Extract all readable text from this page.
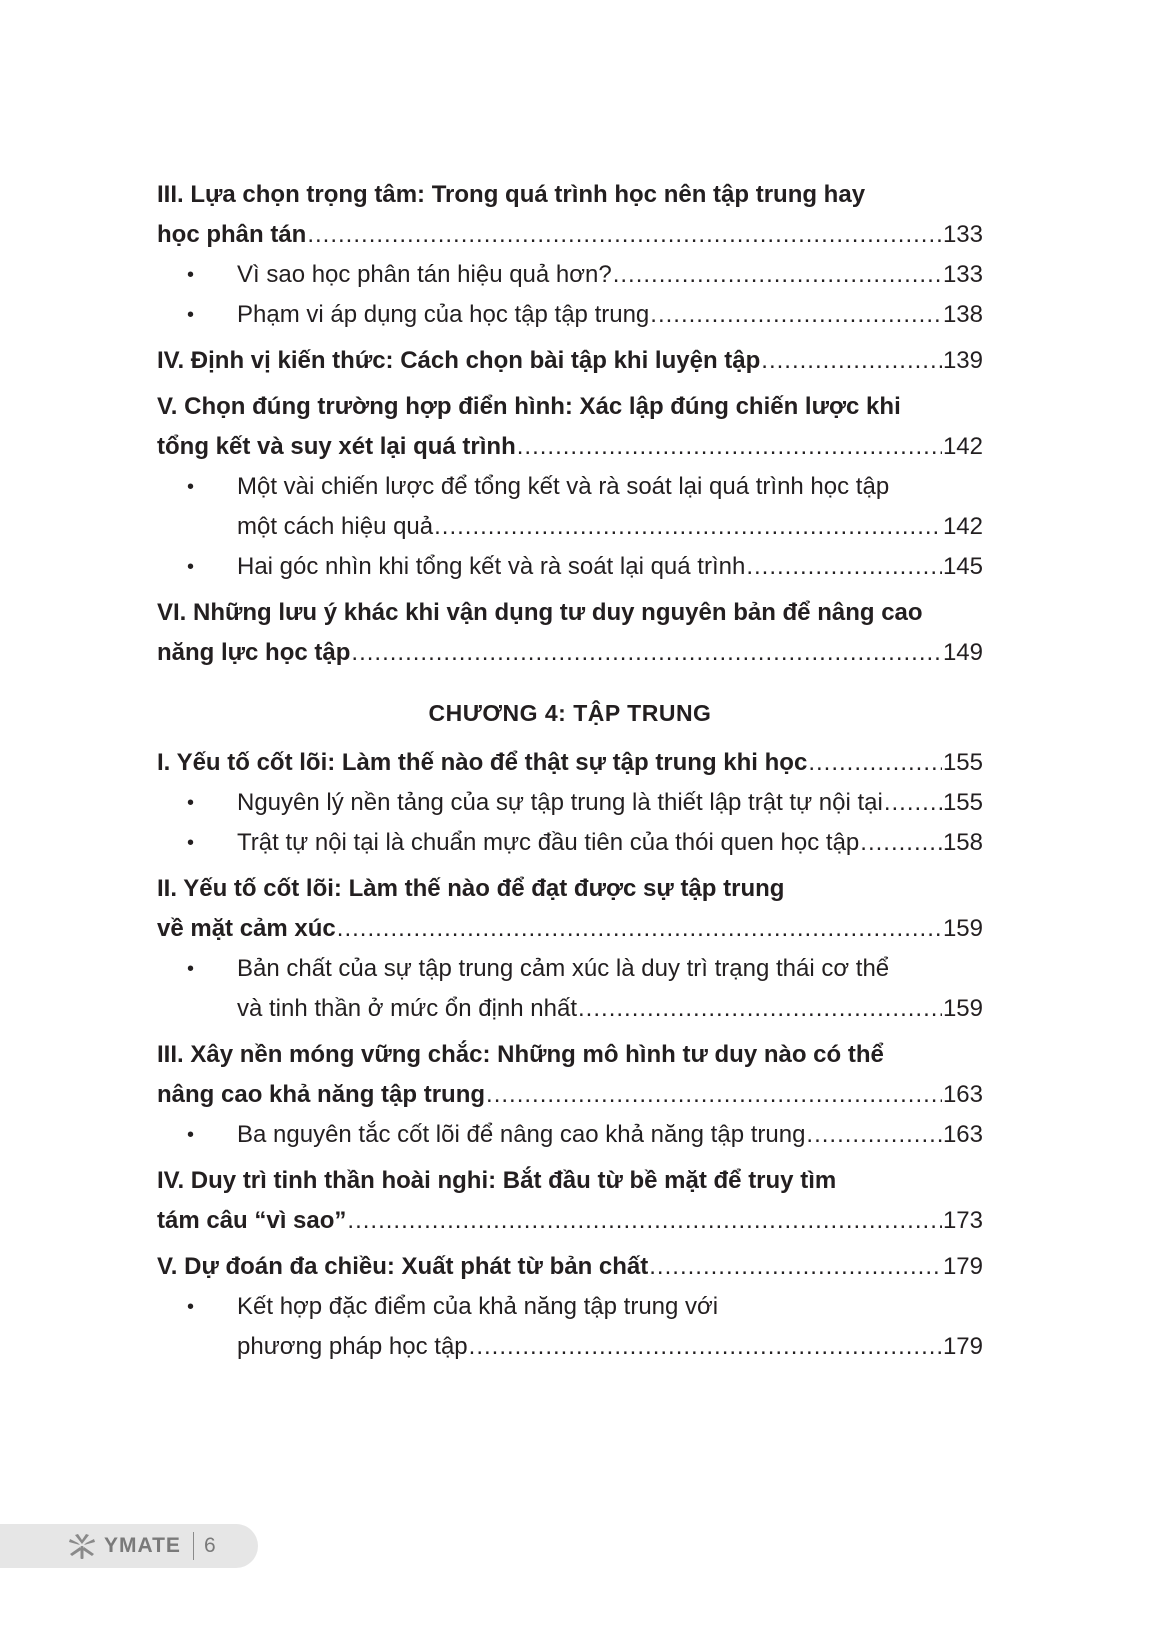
III. Lựa chọn trọng tâm: Trong quá trình học nên tập trung hay
học phân tán .....	133
• Vì sao học phân tán hiệu quả hơn? .....	133
• Phạm vi áp dụng của học tập tập trung .....	138
IV. Định vị kiến thức: Cách chọn bài tập khi luyện tập .....	139
V. Chọn đúng trường hợp điển hình: Xác lập đúng chiến lược khi
tổng kết và suy xét lại quá trình .....	142
• Một vài chiến lược để tổng kết và rà soát lại quá trình học tập
một cách hiệu quả .....	142
• Hai góc nhìn khi tổng kết và rà soát lại quá trình .....	145
VI. Những lưu ý khác khi vận dụng tư duy nguyên bản để nâng cao
năng lực học tập .....	149
CHƯƠNG 4: TẬP TRUNG
I. Yếu tố cốt lõi: Làm thế nào để thật sự tập trung khi học .....	155
• Nguyên lý nền tảng của sự tập trung là thiết lập trật tự nội tại .....	155
• Trật tự nội tại là chuẩn mực đầu tiên của thói quen học tập .....	158
II. Yếu tố cốt lõi: Làm thế nào để đạt được sự tập trung
về mặt cảm xúc .....	159
• Bản chất của sự tập trung cảm xúc là duy trì trạng thái cơ thể
và tinh thần ở mức ổn định nhất .....	159
III. Xây nền móng vững chắc: Những mô hình tư duy nào có thể
nâng cao khả năng tập trung .....	163
• Ba nguyên tắc cốt lõi để nâng cao khả năng tập trung .....	163
IV. Duy trì tinh thần hoài nghi: Bắt đầu từ bề mặt để truy tìm
tám câu “vì sao” .....	173
V. Dự đoán đa chiều: Xuất phát từ bản chất .....	179
• Kết hợp đặc điểm của khả năng tập trung với
phương pháp học tập .....	179
YMATE 6
